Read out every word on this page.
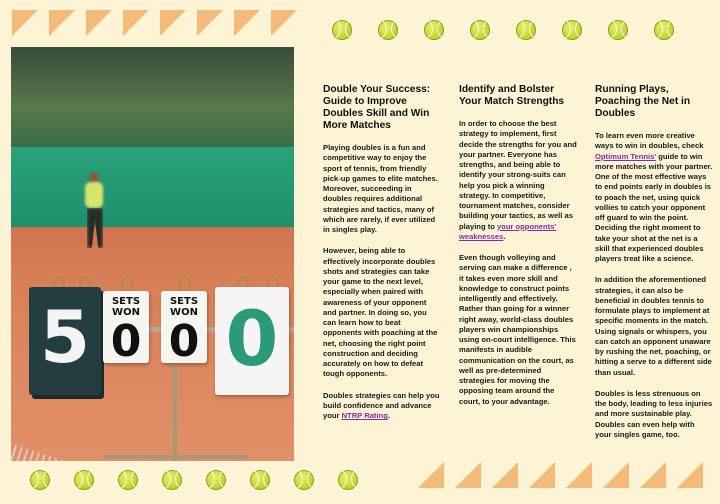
5	SETS WON
0
SETS WON
0 0
Double Your Success: Guide to Improve Doubles Skill and Win More Matches

Playing doubles is a fun and competitive way to enjoy the sport of tennis, from friendly pick-up games to elite matches. Moreover, succeeding in doubles requires additional strategies and tactics, many of which are rarely, if ever utilized in singles play.

However, being able to effectively incorporate doubles shots and strategies can take your game to the next level, especially when paired with awareness of your opponent and partner. In doing so, you can learn how to beat opponents with poaching at the net, choosing the right point construction and deciding accurately on how to defeat tough opponents.

Doubles strategies can help you build confidence and advance your NTRP Rating.

Identify and Bolster Your Match Strengths

In order to choose the best strategy to implement, first decide the strengths for you and your partner. Everyone has strengths, and being able to identify your strong-suits can help you pick a winning strategy. In competitive, tournament matches, consider building your tactics, as well as playing to your opponents' weaknesses.

Even though volleying and serving can make a difference , it takes even more skill and knowledge to construct points intelligently and effectively. Rather than going for a winner right away, world-class doubles players win championships using on-court intelligence. This manifests in audible communication on the court, as well as pre-determined strategies for moving the opposing team around the court, to your advantage.

Running Plays, Poaching the Net in Doubles

To learn even more creative ways to win in doubles, check Optimum Tennis' guide to win more matches with your partner. One of the most effective ways to end points early in doubles is to poach the net, using quick vollies to catch your opponent off guard to win the point. Deciding the right moment to take your shot at the net is a skill that experienced doubles players treat like a science.

In addition the aforementioned strategies, it can also be beneficial in doubles tennis to formulate plays to implement at specific moments in the match. Using signals or whispers, you can catch an opponent unaware by rushing the net, poaching, or hitting a serve to a different side than usual.

Doubles is less strenuous on the body, leading to less injuries and more sustainable play. Doubles can even help with your singles game, too.
